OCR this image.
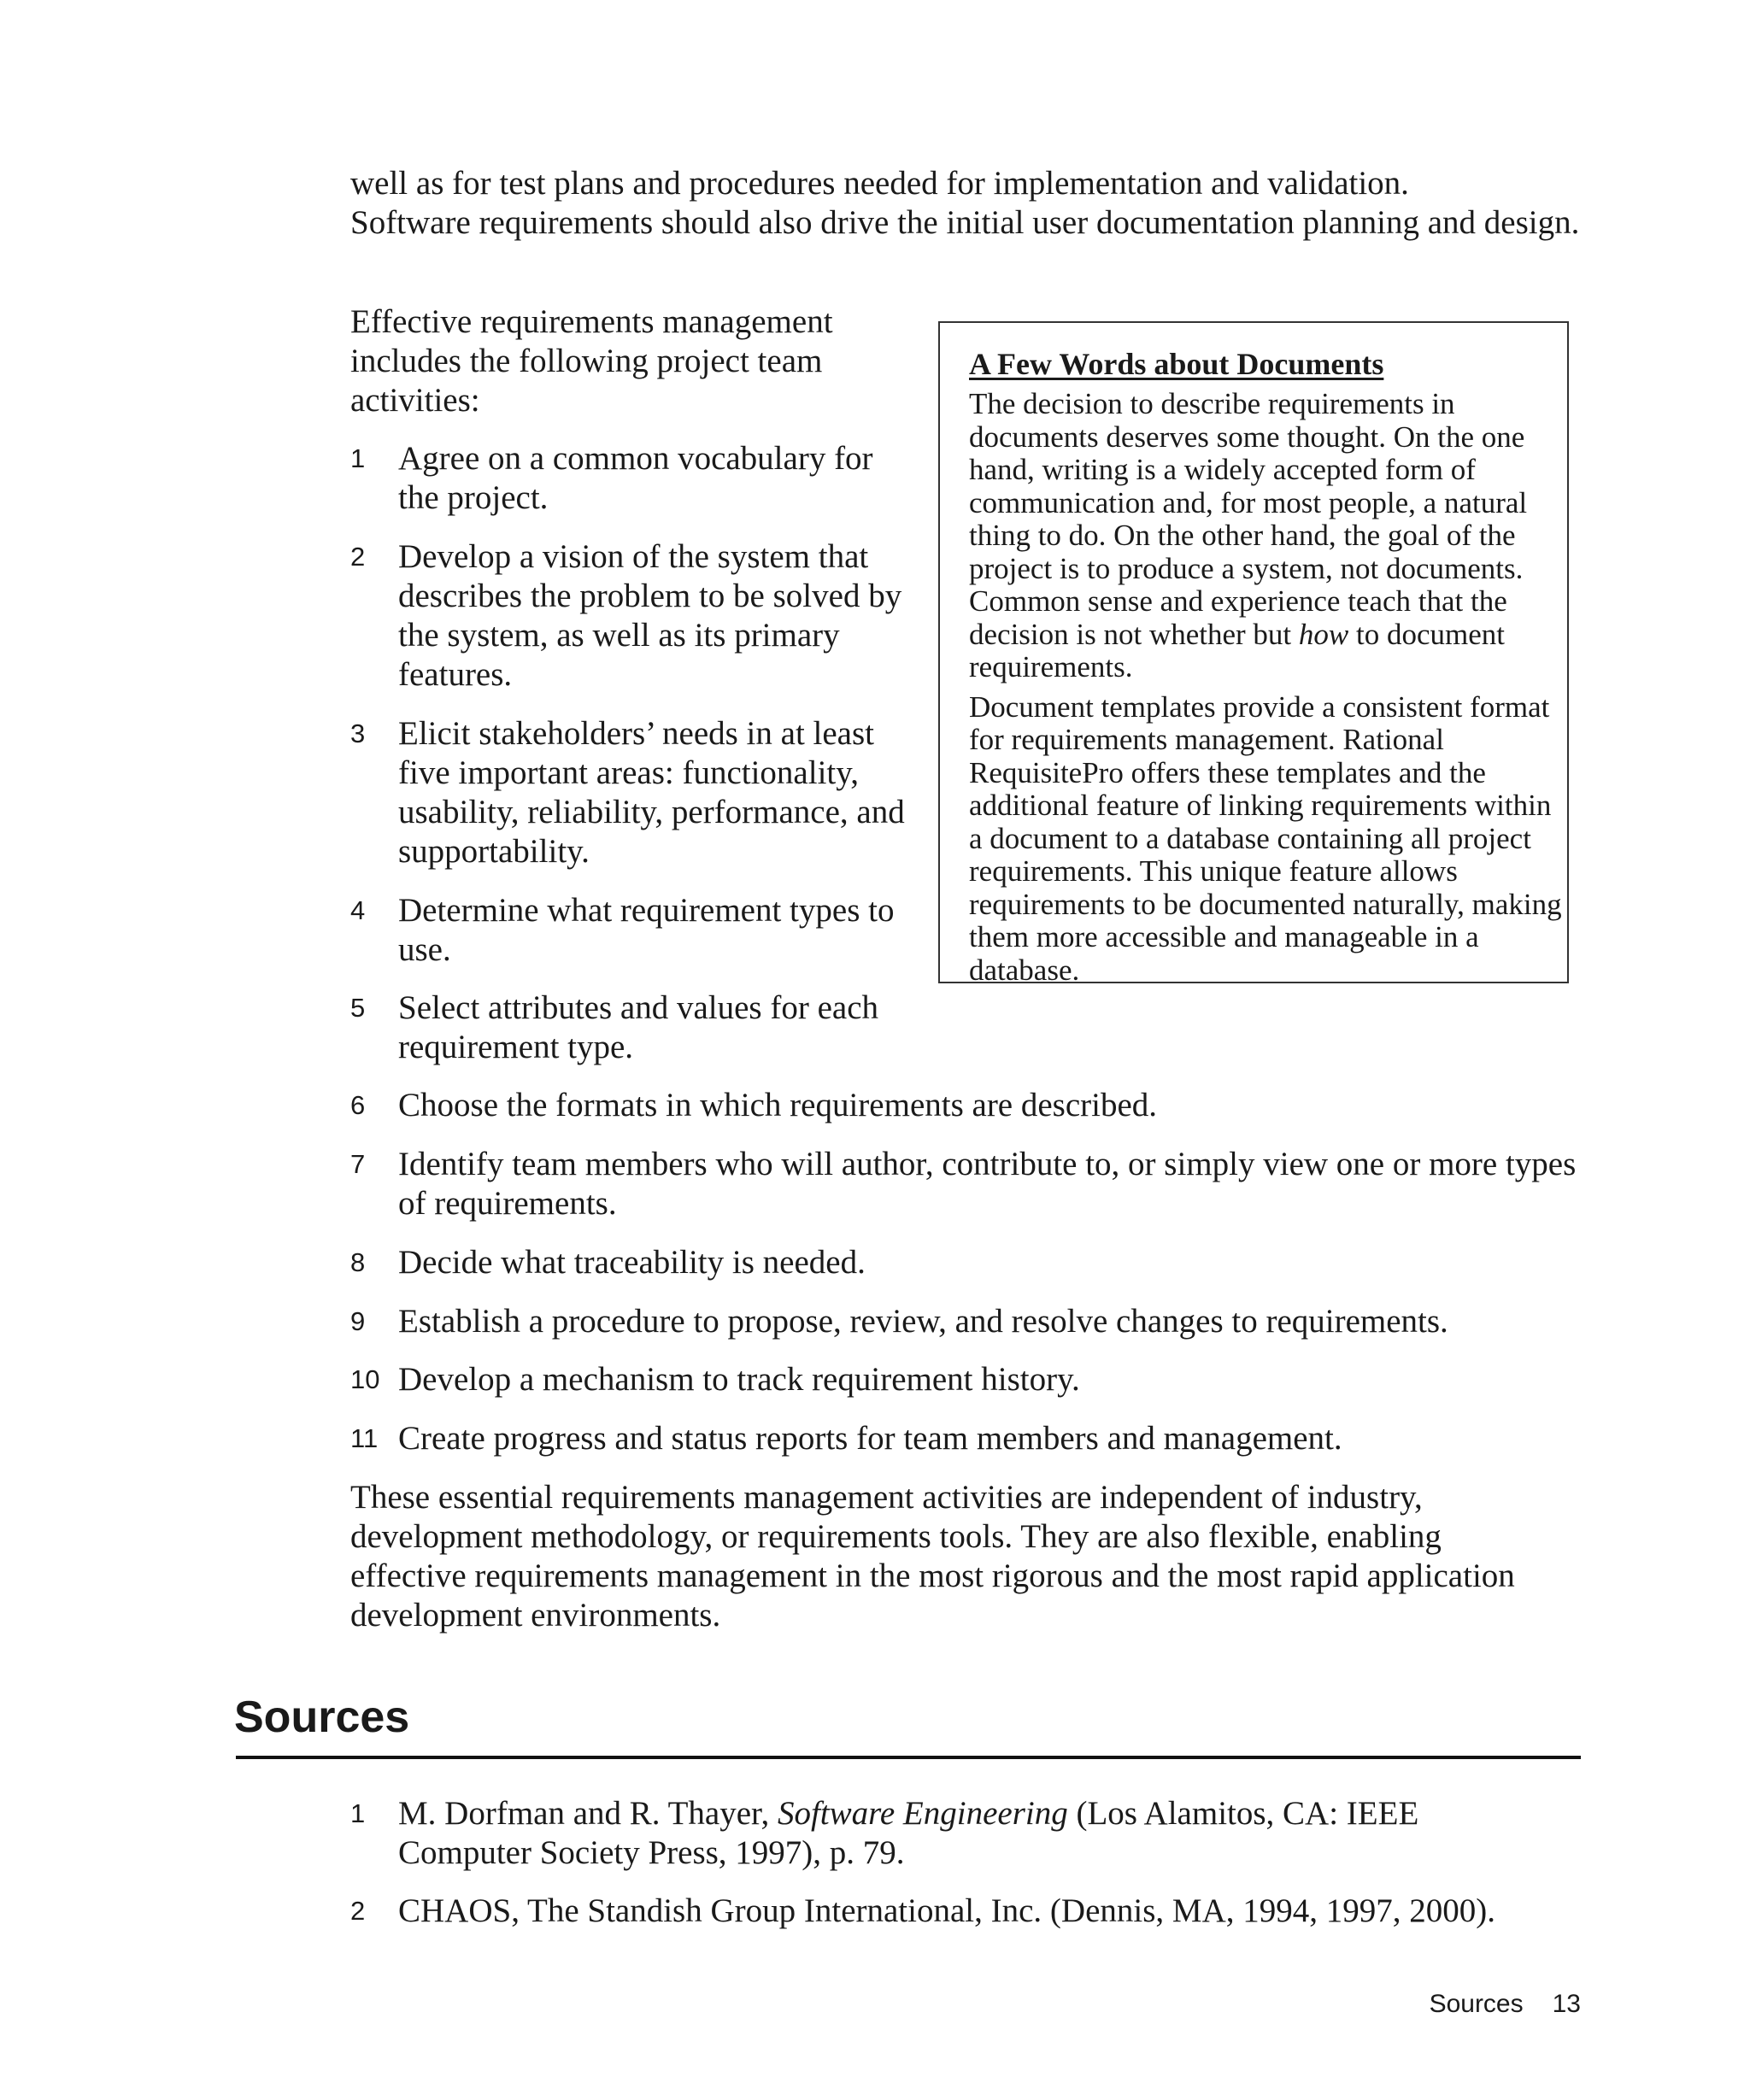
well as for test plans and procedures needed for implementation and validation.
Software requirements should also drive the initial user documentation planning and design.

Effective requirements management includes the following project team activities:

1 Agree on a common vocabulary for the project.

2 Develop a vision of the system that describes the problem to be solved by the system, as well as its primary features.

3 Elicit stakeholders’ needs in at least five important areas: functionality, usability, reliability, performance, and supportability.

4 Determine what requirement types to use.

5 Select attributes and values for each requirement type.

6 Choose the formats in which requirements are described.

7 Identify team members who will author, contribute to, or simply view one or more types of requirements.

8 Decide what traceability is needed.

9 Establish a procedure to propose, review, and resolve changes to requirements.

10 Develop a mechanism to track requirement history.

11 Create progress and status reports for team members and management.

A Few Words about Documents

The decision to describe requirements in documents deserves some thought. On the one hand, writing is a widely accepted form of communication and, for most people, a natural thing to do. On the other hand, the goal of the project is to produce a system, not documents. Common sense and experience teach that the decision is not whether but how to document requirements.

Document templates provide a consistent format for requirements management. Rational RequisitePro offers these templates and the additional feature of linking requirements within a document to a database containing all project requirements. This unique feature allows requirements to be documented naturally, making them more accessible and manageable in a database.

These essential requirements management activities are independent of industry, development methodology, or requirements tools. They are also flexible, enabling effective requirements management in the most rigorous and the most rapid application development environments.

Sources
1 M. Dorfman and R. Thayer, Software Engineering (Los Alamitos, CA: IEEE Computer Society Press, 1997), p. 79.

2 CHAOS, The Standish Group International, Inc. (Dennis, MA, 1994, 1997, 2000).

Sources 13
